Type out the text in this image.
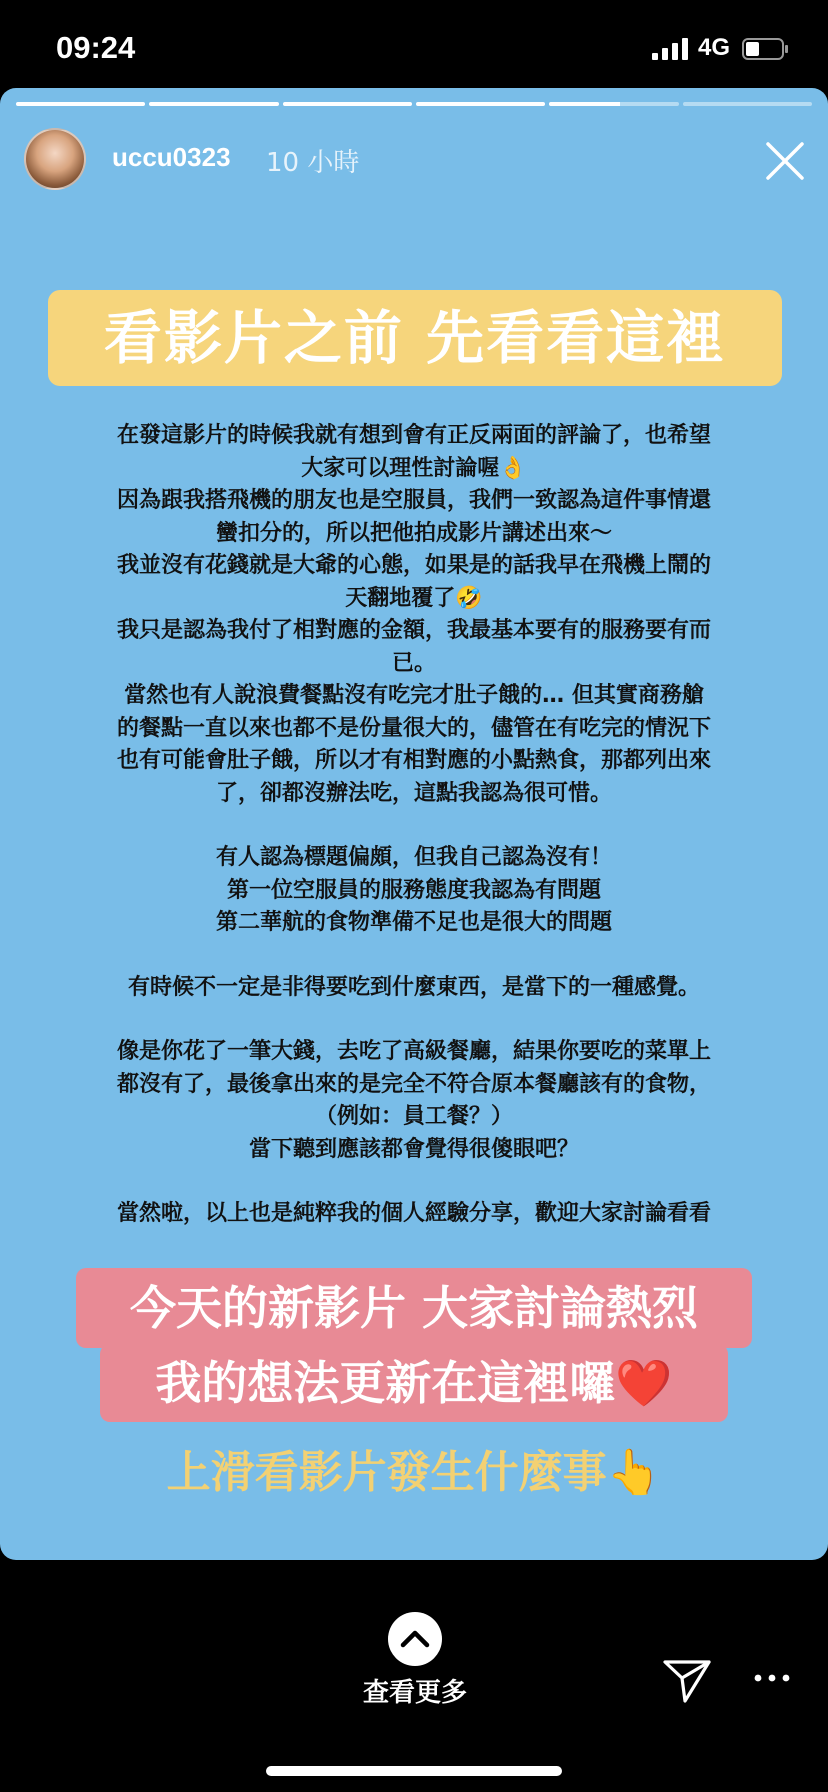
09:24	4G
uccu0323 10 小時
看影片之前 先看看這裡

在發這影片的時候我就有想到會有正反兩面的評論了，也希望

大家可以理性討論喔👌

因為跟我搭飛機的朋友也是空服員，我們一致認為這件事情還

蠻扣分的，所以把他拍成影片講述出來～

我並沒有花錢就是大爺的心態，如果是的話我早在飛機上鬧的

天翻地覆了🤣

我只是認為我付了相對應的金額，我最基本要有的服務要有而

已。

當然也有人說浪費餐點沒有吃完才肚子餓的… 但其實商務艙

的餐點一直以來也都不是份量很大的，儘管在有吃完的情況下

也有可能會肚子餓，所以才有相對應的小點熱食，那都列出來

了，卻都沒辦法吃，這點我認為很可惜。

有人認為標題偏頗，但我自己認為沒有！

第一位空服員的服務態度我認為有問題

第二華航的食物準備不足也是很大的問題

有時候不一定是非得要吃到什麼東西，是當下的一種感覺。

像是你花了一筆大錢，去吃了高級餐廳，結果你要吃的菜單上

都沒有了，最後拿出來的是完全不符合原本餐廳該有的食物，

（例如：員工餐？）

當下聽到應該都會覺得很傻眼吧？

當然啦，以上也是純粹我的個人經驗分享，歡迎大家討論看看

今天的新影片 大家討論熱烈
我的想法更新在這裡囉❤️
上滑看影片發生什麼事👆
查看更多
